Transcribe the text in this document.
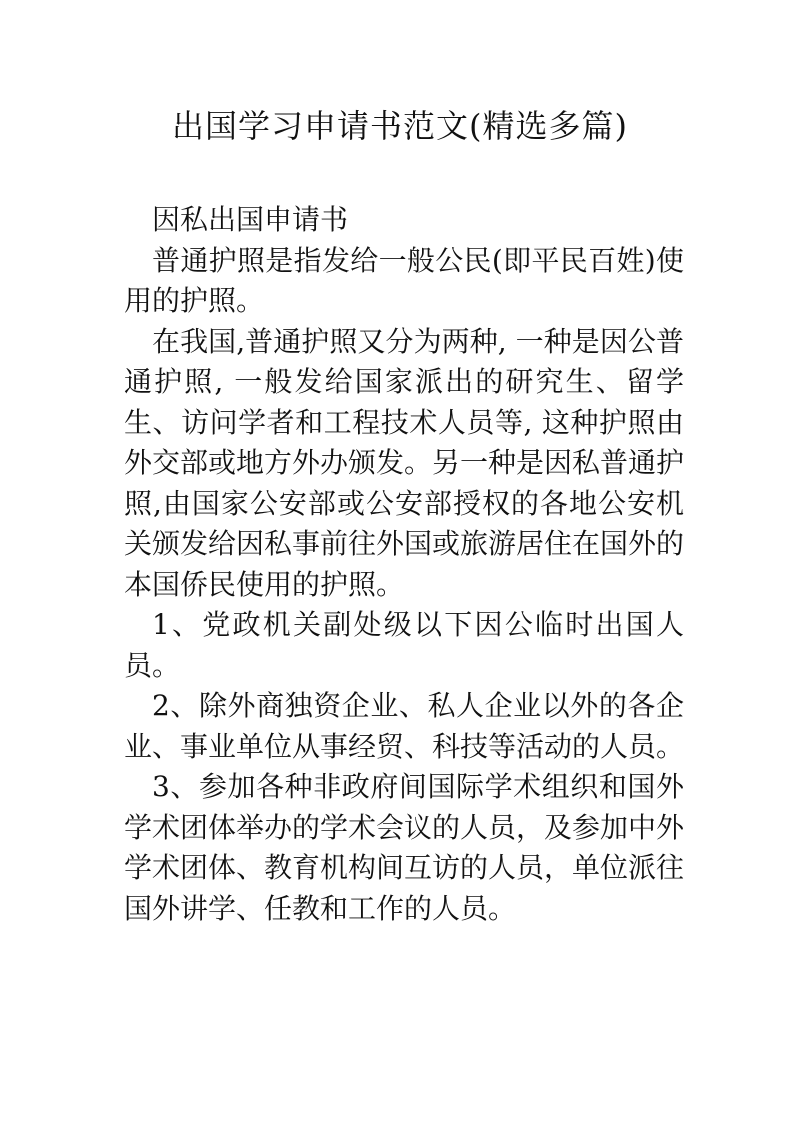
出国学习申请书范文(精选多篇)

因私出国申请书

普通护照是指发给一般公民(即平民百姓)使用的护照。

在我国,普通护照又分为两种, 一种是因公普通护照, 一般发给国家派出的研究生、留学生、访问学者和工程技术人员等, 这种护照由外交部或地方外办颁发。另一种是因私普通护照,由国家公安部或公安部授权的各地公安机关颁发给因私事前往外国或旅游居住在国外的本国侨民使用的护照。

1、党政机关副处级以下因公临时出国人员。

2、除外商独资企业、私人企业以外的各企业、事业单位从事经贸、科技等活动的人员。

3、参加各种非政府间国际学术组织和国外学术团体举办的学术会议的人员，及参加中外学术团体、教育机构间互访的人员，单位派往国外讲学、任教和工作的人员。
